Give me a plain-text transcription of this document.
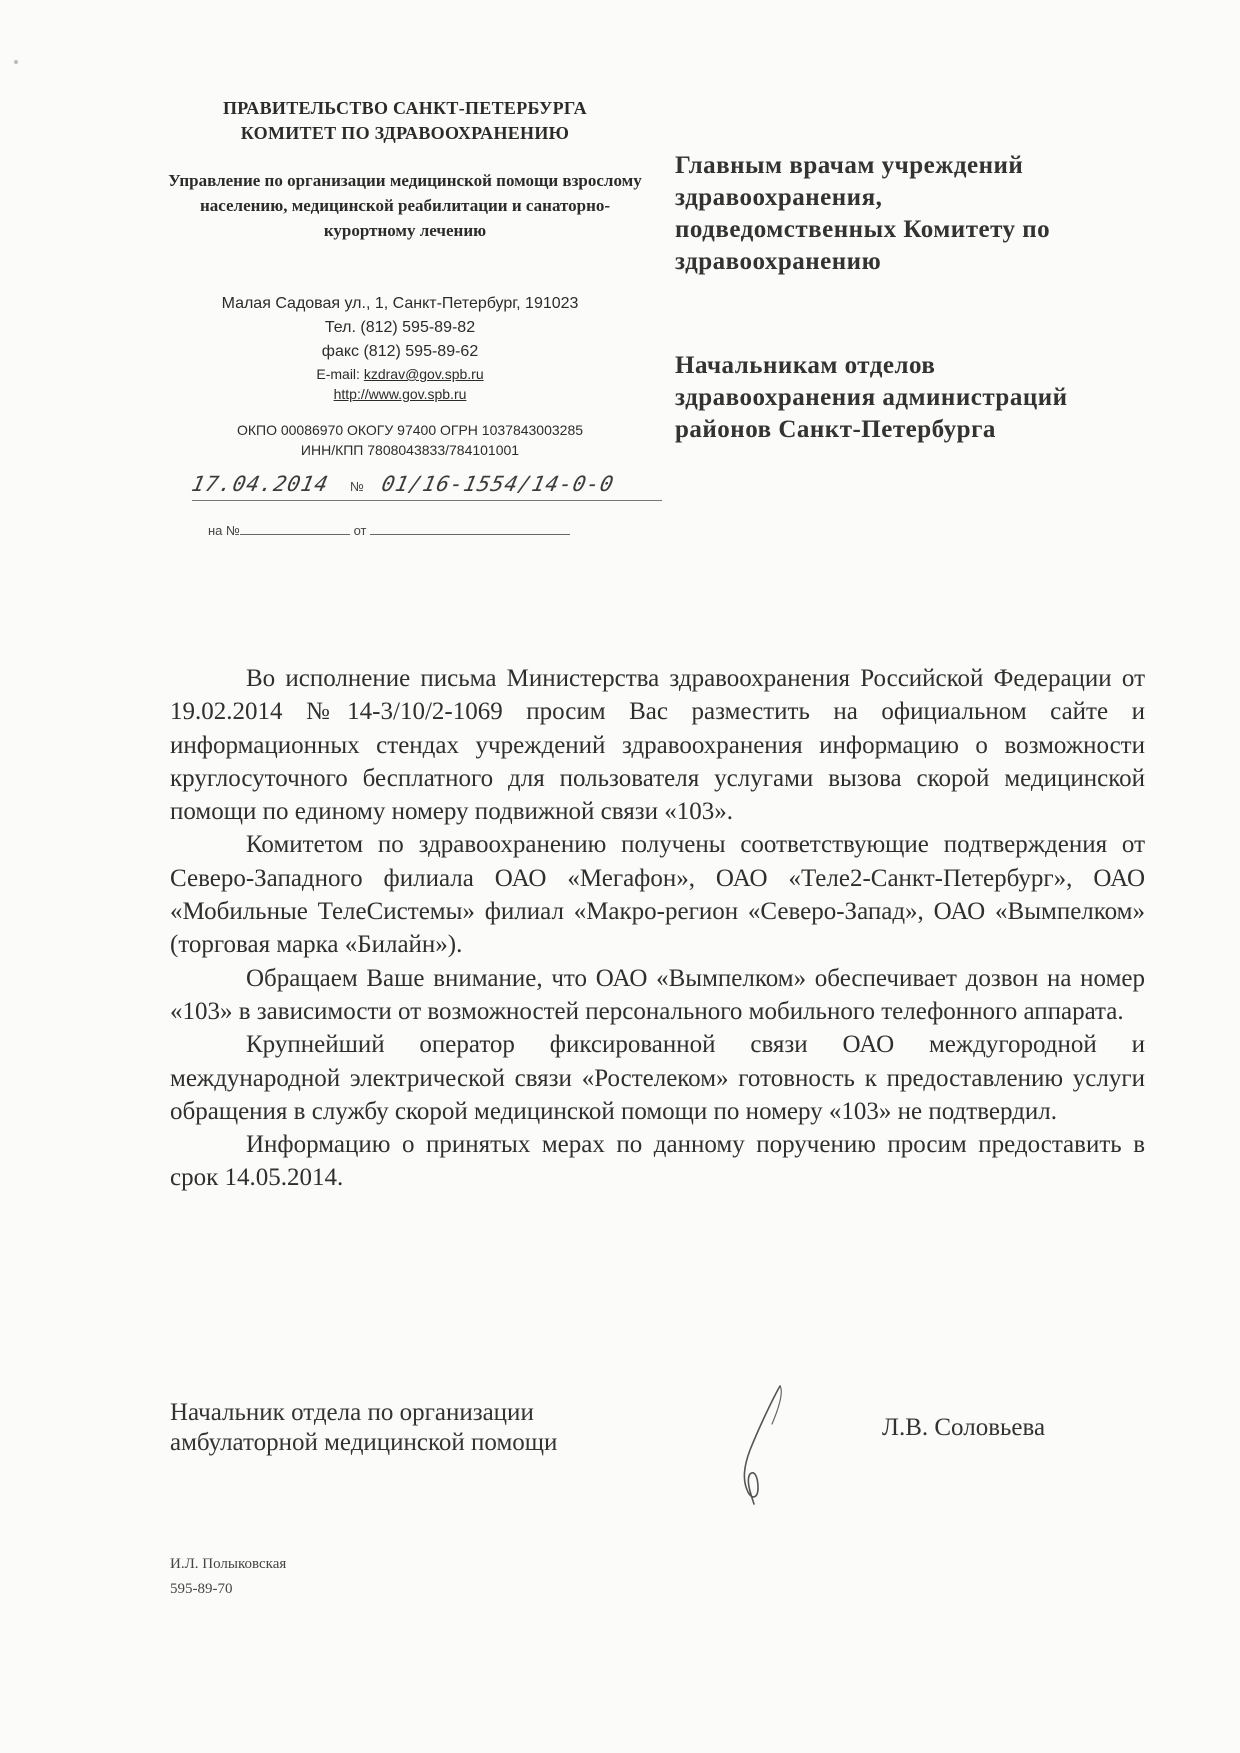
ПРАВИТЕЛЬСТВО САНКТ-ПЕТЕРБУРГА
КОМИТЕТ ПО ЗДРАВООХРАНЕНИЮ
Управление по организации медицинской помощи взрослому населению, медицинской реабилитации и санаторно-курортному лечению
Малая Садовая ул., 1, Санкт-Петербург, 191023
Тел. (812) 595-89-82
факс (812) 595-89-62
E-mail: kzdrav@gov.spb.ru
http://www.gov.spb.ru
ОКПО 00086970 ОКОГУ 97400 ОГРН 1037843003285
ИНН/КПП 7808043833/784101001
17.04.2014 № 01/16-1554/14-0-0
на №	от
Главным врачам учреждений
здравоохранения,
подведомственных Комитету по
здравоохранению
Начальникам отделов
здравоохранения администраций
районов Санкт-Петербурга

Во исполнение письма Министерства здравоохранения Российской Федерации от 19.02.2014 №14-3/10/2-1069 просим Вас разместить на официальном сайте и информационных стендах учреждений здравоохранения информацию о возможности круглосуточного бесплатного для пользователя услугами вызова скорой медицинской помощи по единому номеру подвижной связи «103».

Комитетом по здравоохранению получены соответствующие подтверждения от Северо-Западного филиала ОАО «Мегафон», ОАО «Теле2-Санкт-Петербург», ОАО «Мобильные ТелеСистемы» филиал «Макро-регион «Северо-Запад», ОАО «Вымпелком» (торговая марка «Билайн»).

Обращаем Ваше внимание, что ОАО «Вымпелком» обеспечивает дозвон на номер «103» в зависимости от возможностей персонального мобильного телефонного аппарата.

Крупнейший оператор фиксированной связи ОАО междугородной и международной электрической связи «Ростелеком» готовность к предоставлению услуги обращения в службу скорой медицинской помощи по номеру «103» не подтвердил.

Информацию о принятых мерах по данному поручению просим предоставить в срок 14.05.2014.

Начальник отдела по организации
амбулаторной медицинской помощи
Л.В. Соловьева
И.Л. Полыковская
595-89-70
